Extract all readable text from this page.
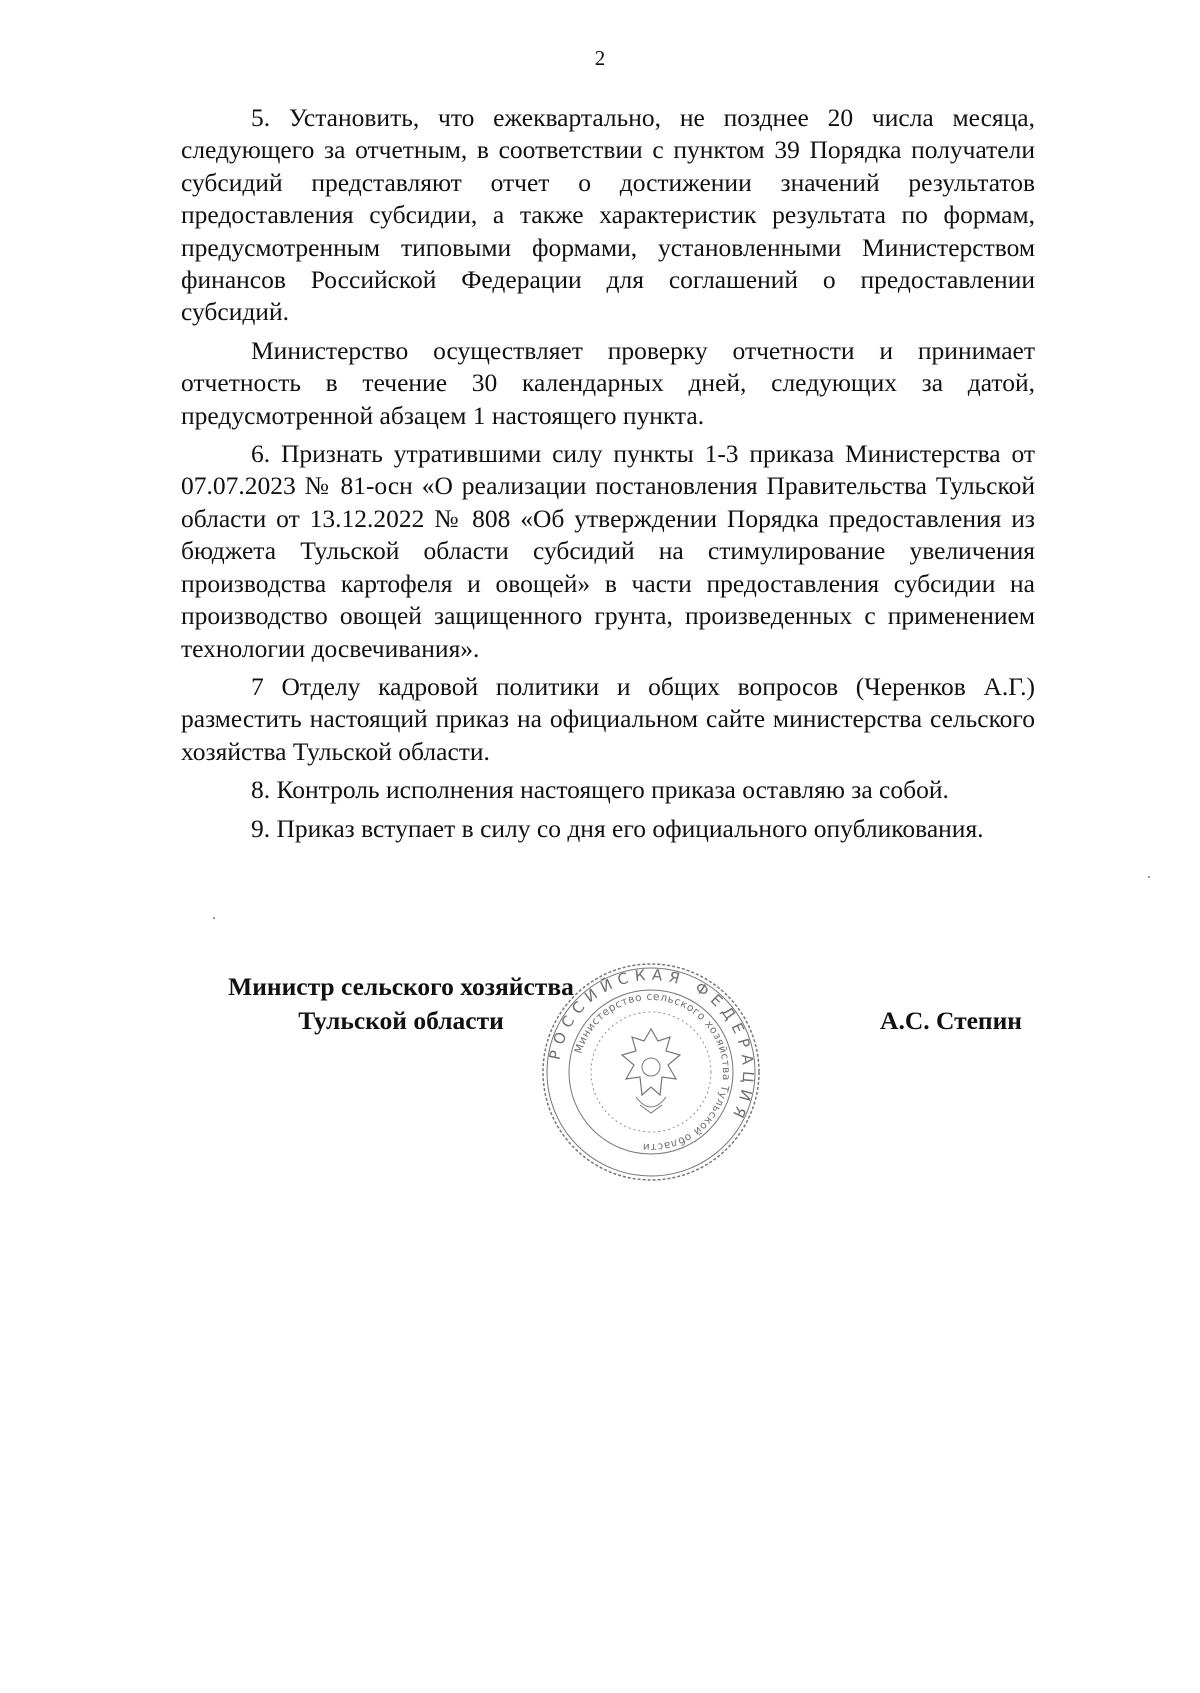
2

5. Установить, что ежеквартально, не позднее 20 числа месяца, следующего за отчетным, в соответствии с пунктом 39 Порядка получатели субсидий представляют отчет о достижении значений результатов предоставления субсидии, а также характеристик результата по формам, предусмотренным типовыми формами, установленными Министерством финансов Российской Федерации для соглашений о предоставлении субсидий.

Министерство осуществляет проверку отчетности и принимает отчетность в течение 30 календарных дней, следующих за датой, предусмотренной абзацем 1 настоящего пункта.

6. Признать утратившими силу пункты 1-3 приказа Министерства от 07.07.2023 № 81-осн «О реализации постановления Правительства Тульской области от 13.12.2022 № 808 «Об утверждении Порядка предоставления из бюджета Тульской области субсидий на стимулирование увеличения производства картофеля и овощей» в части предоставления субсидии на производство овощей защищенного грунта, произведенных с применением технологии досвечивания».

7 Отделу кадровой политики и общих вопросов (Черенков А.Г.) разместить настоящий приказ на официальном сайте министерства сельского хозяйства Тульской области.

8. Контроль исполнения настоящего приказа оставляю за собой.

9. Приказ вступает в силу со дня его официального опубликования.

Министр сельского хозяйства
Тульской области	А.С. Степин
РОССИЙСКАЯ ФЕДЕРАЦИЯ
Министерство сельского хозяйства Тульской области
